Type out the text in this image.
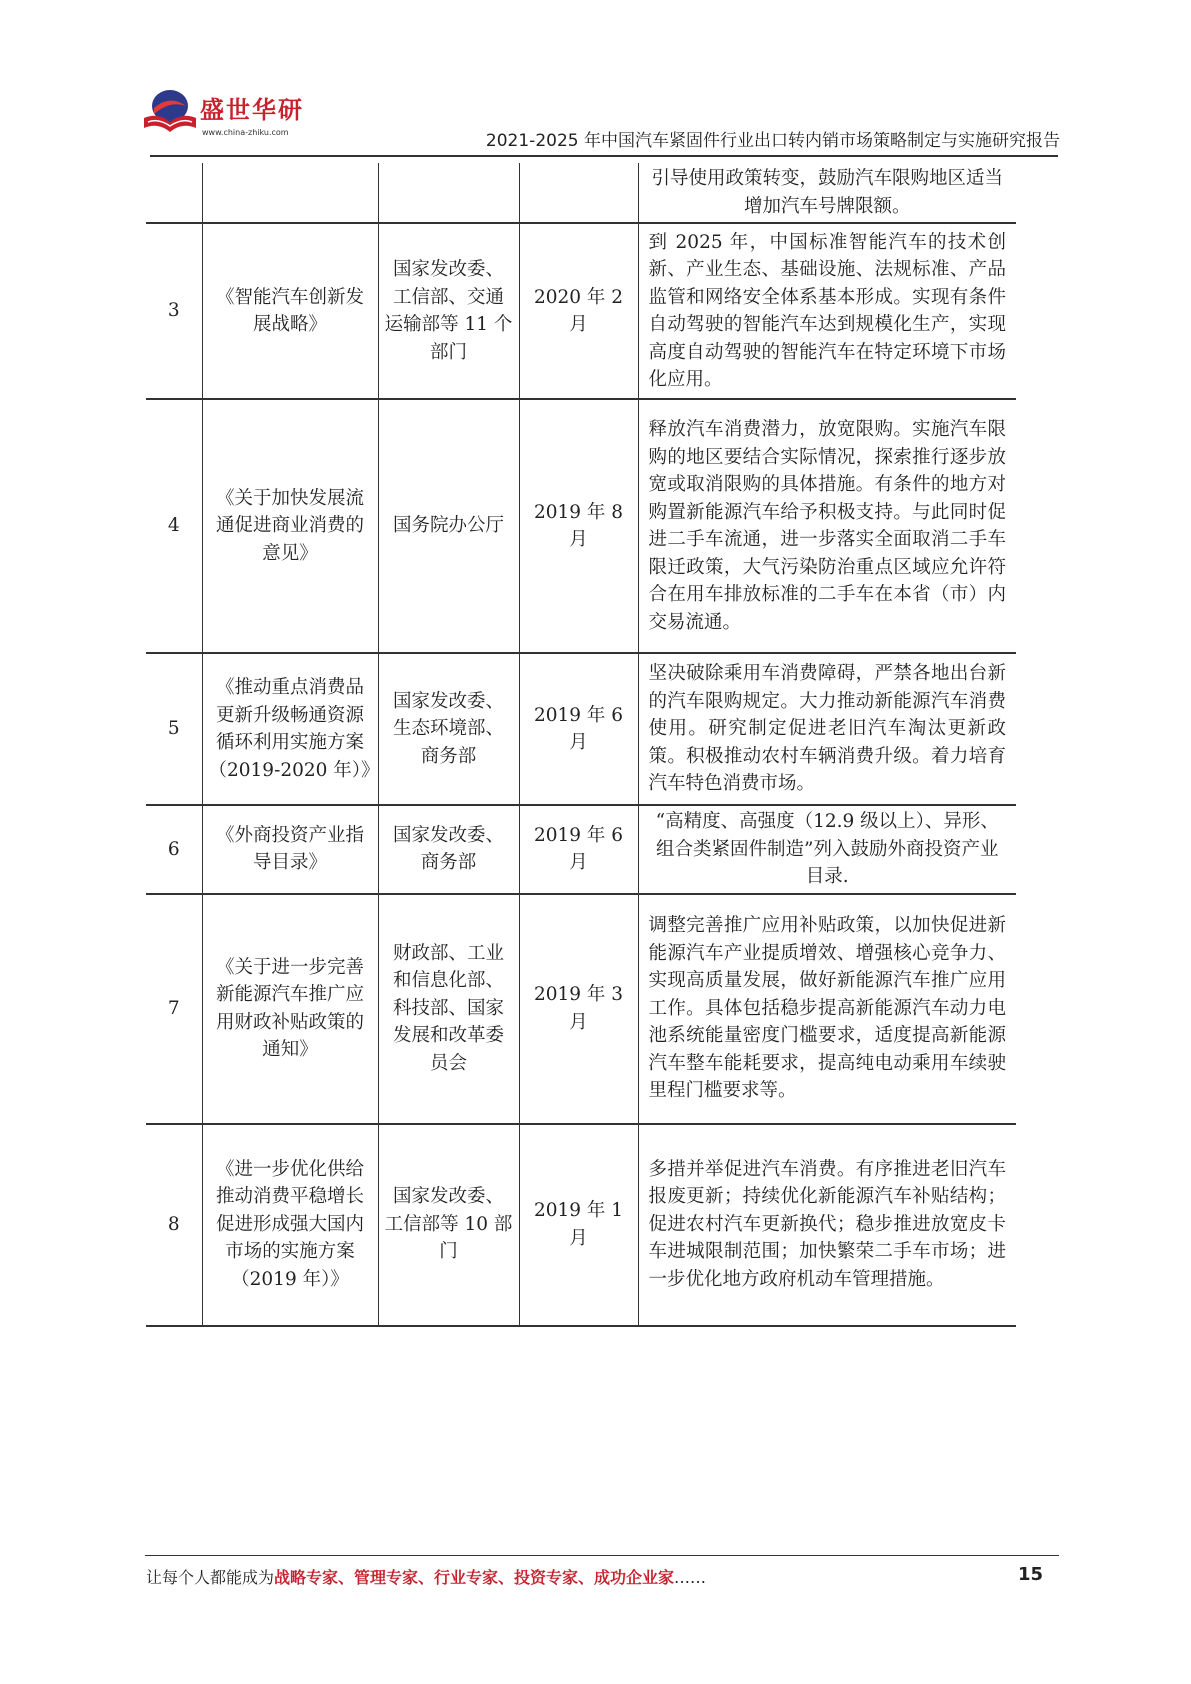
盛世华研
www.china-zhiku.com	2021-2025 年中国汽车紧固件行业出口转内销市场策略制定与实施研究报告
				引导使用政策转变，鼓励汽车限购地区适当增加汽车号牌限额。
3	《智能汽车创新发展战略》	国家发改委、工信部、交通运输部等 11 个部门	2020 年 2 月	到 2025 年，中国标准智能汽车的技术创新、产业生态、基础设施、法规标准、产品监管和网络安全体系基本形成。实现有条件自动驾驶的智能汽车达到规模化生产，实现高度自动驾驶的智能汽车在特定环境下市场化应用。
4	《关于加快发展流通促进商业消费的意见》	国务院办公厅	2019 年 8 月	释放汽车消费潜力，放宽限购。实施汽车限购的地区要结合实际情况，探索推行逐步放宽或取消限购的具体措施。有条件的地方对购置新能源汽车给予积极支持。与此同时促进二手车流通，进一步落实全面取消二手车限迁政策，大气污染防治重点区域应允许符合在用车排放标准的二手车在本省（市）内交易流通。
5	《推动重点消费品更新升级畅通资源循环利用实施方案（2019-2020 年）》	国家发改委、生态环境部、商务部	2019 年 6 月	坚决破除乘用车消费障碍，严禁各地出台新的汽车限购规定。大力推动新能源汽车消费使用。研究制定促进老旧汽车淘汰更新政策。积极推动农村车辆消费升级。着力培育汽车特色消费市场。
6	《外商投资产业指导目录》	国家发改委、商务部	2019 年 6 月	“高精度、高强度（12.9 级以上）、异形、组合类紧固件制造”列入鼓励外商投资产业目录.
7	《关于进一步完善新能源汽车推广应用财政补贴政策的通知》	财政部、工业和信息化部、科技部、国家发展和改革委员会	2019 年 3 月	调整完善推广应用补贴政策，以加快促进新能源汽车产业提质增效、增强核心竞争力、实现高质量发展，做好新能源汽车推广应用工作。具体包括稳步提高新能源汽车动力电池系统能量密度门槛要求，适度提高新能源汽车整车能耗要求，提高纯电动乘用车续驶里程门槛要求等。
8	《进一步优化供给推动消费平稳增长促进形成强大国内市场的实施方案（2019 年）》	国家发改委、工信部等 10 部门	2019 年 1 月	多措并举促进汽车消费。有序推进老旧汽车报废更新；持续优化新能源汽车补贴结构；促进农村汽车更新换代；稳步推进放宽皮卡车进城限制范围；加快繁荣二手车市场；进一步优化地方政府机动车管理措施。
让每个人都能成为战略专家、管理专家、行业专家、投资专家、成功企业家……	15
